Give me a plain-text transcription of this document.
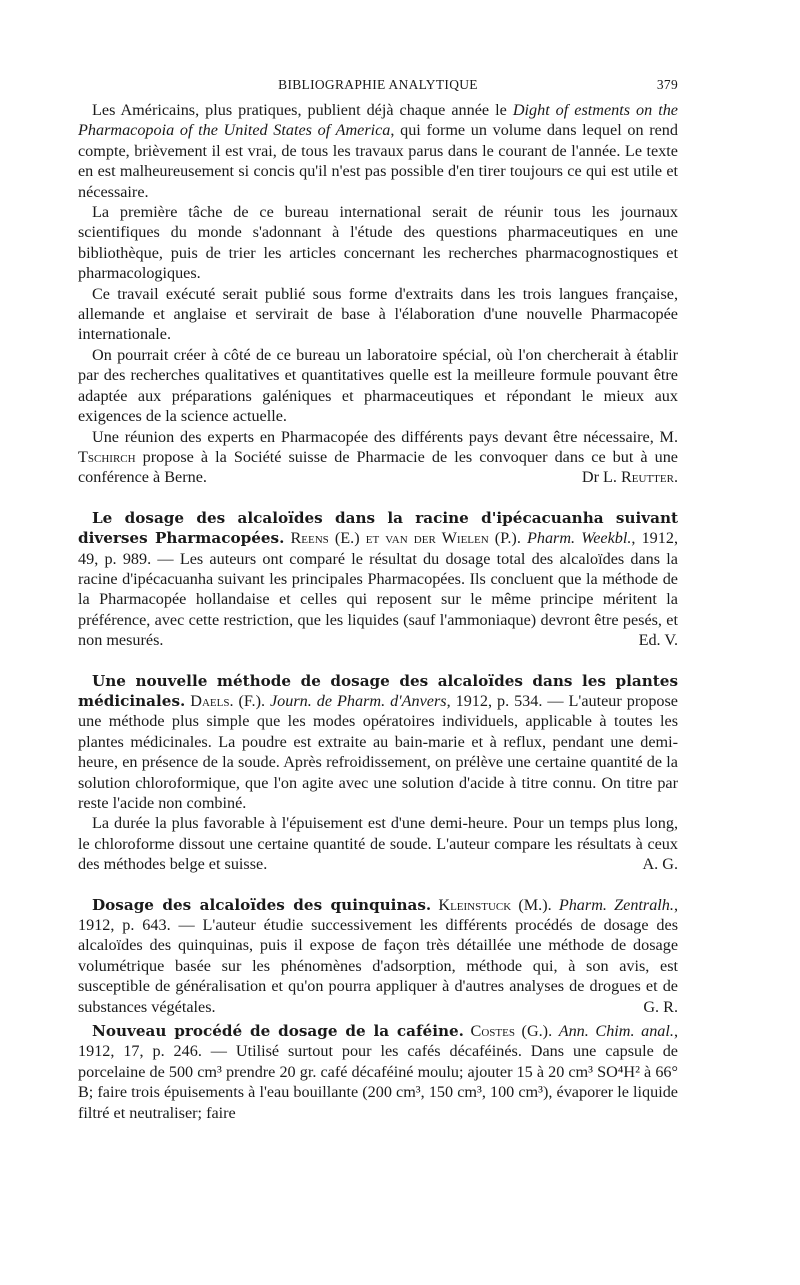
BIBLIOGRAPHIE ANALYTIQUE	379

Les Américains, plus pratiques, publient déjà chaque année le Dight of estments on the Pharmacopoia of the United States of America, qui forme un volume dans lequel on rend compte, brièvement il est vrai, de tous les travaux parus dans le courant de l'année. Le texte en est malheureusement si concis qu'il n'est pas possible d'en tirer toujours ce qui est utile et nécessaire.

La première tâche de ce bureau international serait de réunir tous les journaux scientifiques du monde s'adonnant à l'étude des questions pharmaceutiques en une bibliothèque, puis de trier les articles concernant les recherches pharmacognostiques et pharmacologiques.

Ce travail exécuté serait publié sous forme d'extraits dans les trois langues française, allemande et anglaise et servirait de base à l'élaboration d'une nouvelle Pharmacopée internationale.

On pourrait créer à côté de ce bureau un laboratoire spécial, où l'on chercherait à établir par des recherches qualitatives et quantitatives quelle est la meilleure formule pouvant être adaptée aux préparations galéniques et pharmaceutiques et répondant le mieux aux exigences de la science actuelle.

Une réunion des experts en Pharmacopée des différents pays devant être nécessaire, M. Tschirch propose à la Société suisse de Pharmacie de les convoquer dans ce but à une conférence à Berne.	Dr L. Reutter.

Le dosage des alcaloïdes dans la racine d'ipécacuanha suivant diverses Pharmacopées. Reens (E.) et van der Wielen (P.). Pharm. Weekbl., 1912, 49, p. 989. — Les auteurs ont comparé le résultat du dosage total des alcaloïdes dans la racine d'ipécacuanha suivant les principales Pharmacopées. Ils concluent que la méthode de la Pharmacopée hollandaise et celles qui reposent sur le même principe méritent la préférence, avec cette restriction, que les liquides (sauf l'ammoniaque) devront être pesés, et non mesurés.	Ed. V.

Une nouvelle méthode de dosage des alcaloïdes dans les plantes médicinales. Daels. (F.). Journ. de Pharm. d'Anvers, 1912, p. 534. — L'auteur propose une méthode plus simple que les modes opératoires individuels, applicable à toutes les plantes médicinales. La poudre est extraite au bain-marie et à reflux, pendant une demi-heure, en présence de la soude. Après refroidissement, on prélève une certaine quantité de la solution chloroformique, que l'on agite avec une solution d'acide à titre connu. On titre par reste l'acide non combiné.

La durée la plus favorable à l'épuisement est d'une demi-heure. Pour un temps plus long, le chloroforme dissout une certaine quantité de soude. L'auteur compare les résultats à ceux des méthodes belge et suisse.	A. G.

Dosage des alcaloïdes des quinquinas. Kleinstuck (M.). Pharm. Zentralh., 1912, p. 643. — L'auteur étudie successivement les différents procédés de dosage des alcaloïdes des quinquinas, puis il expose de façon très détaillée une méthode de dosage volumétrique basée sur les phénomènes d'adsorption, méthode qui, à son avis, est susceptible de généralisation et qu'on pourra appliquer à d'autres analyses de drogues et de substances végétales.	G. R.

Nouveau procédé de dosage de la caféine. Costes (G.). Ann. Chim. anal., 1912, 17, p. 246. — Utilisé surtout pour les cafés décaféinés. Dans une capsule de porcelaine de 500 cm³ prendre 20 gr. café décaféiné moulu; ajouter 15 à 20 cm³ SO⁴H² à 66° B; faire trois épuisements à l'eau bouillante (200 cm³, 150 cm³, 100 cm³), évaporer le liquide filtré et neutraliser; faire
